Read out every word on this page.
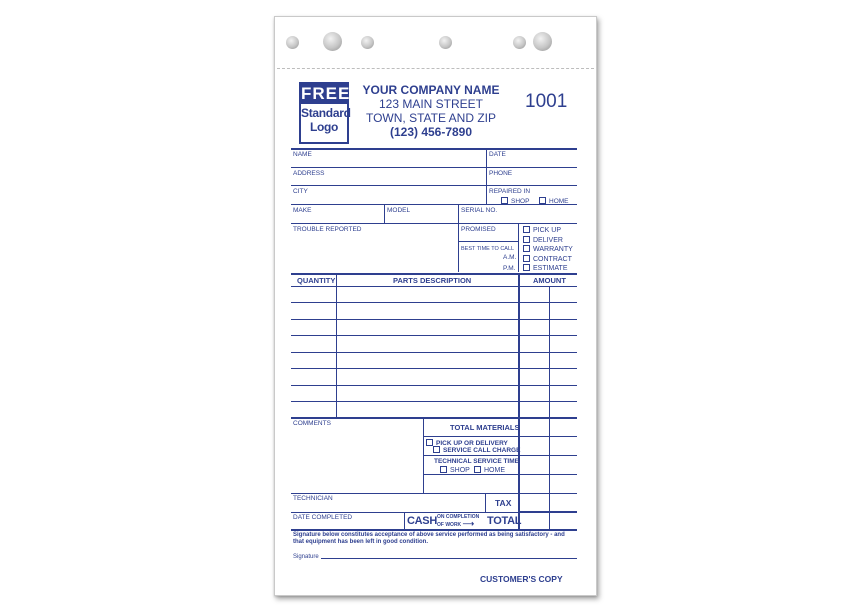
FREE
Standard
Logo
YOUR COMPANY NAME
123 MAIN STREET
TOWN, STATE AND ZIP
(123) 456-7890
1001
NAME	DATE
ADDRESS	PHONE
CITY	REPAIRED IN
SHOP	HOME
MAKE	MODEL	SERIAL NO.
TROUBLE REPORTED	PROMISED
BEST TIME TO CALL
A.M.
P.M.
PICK UP
DELIVER
WARRANTY
CONTRACT
ESTIMATE
QUANTITY	PARTS DESCRIPTION	AMOUNT
COMMENTS	TOTAL MATERIALS
PICK UP OR DELIVERY
SERVICE CALL CHARGE
TECHNICAL SERVICE TIME
SHOP	HOME
TECHNICIAN	TAX
DATE COMPLETED	CASH ON COMPLETION
OF WORK ⟶	TOTAL
Signature below constitutes acceptance of above service performed as being satisfactory - and that equipment has been left in good condition.
Signature
CUSTOMER'S COPY
